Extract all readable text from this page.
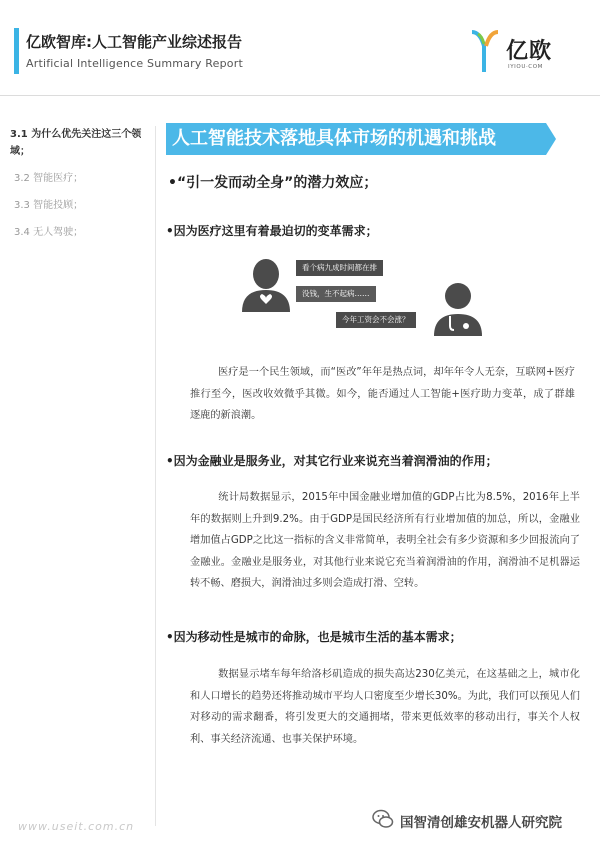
亿欧智库:人工智能产业综述报告
Artificial Intelligence Summary Report	亿欧
IYIOU·COM
3.1 为什么优先关注这三个领域；
3.2 智能医疗；
3.3 智能投顾；
3.4 无人驾驶；
人工智能技术落地具体市场的机遇和挑战
•“引一发而动全身”的潜力效应；
•因为医疗这里有着最迫切的变革需求；
看个病九成时间都在排
没钱，生不起病……
今年工资会不会涨？
医疗是一个民生领域，而“医改”年年是热点词，却年年令人无奈，互联网+医疗推行至今，医改收效微乎其微。如今，能否通过人工智能+医疗助力变革，成了群雄逐鹿的新浪潮。
•因为金融业是服务业，对其它行业来说充当着润滑油的作用；
统计局数据显示，2015年中国金融业增加值的GDP占比为8.5%，2016年上半年的数据则上升到9.2%。由于GDP是国民经济所有行业增加值的加总，所以，金融业增加值占GDP之比这一指标的含义非常简单，表明全社会有多少资源和多少回报流向了金融业。金融业是服务业，对其他行业来说它充当着润滑油的作用，润滑油不足机器运转不畅、磨损大，润滑油过多则会造成打滑、空转。
•因为移动性是城市的命脉，也是城市生活的基本需求；
数据显示堵车每年给洛杉矶造成的损失高达230亿美元，在这基础之上，城市化和人口增长的趋势还将推动城市平均人口密度至少增长30%。为此，我们可以预见人们对移动的需求翻番，将引发更大的交通拥堵，带来更低效率的移动出行，事关个人权利、事关经济流通、也事关保护环境。
www.useit.com.cn	国智清创雄安机器人研究院
